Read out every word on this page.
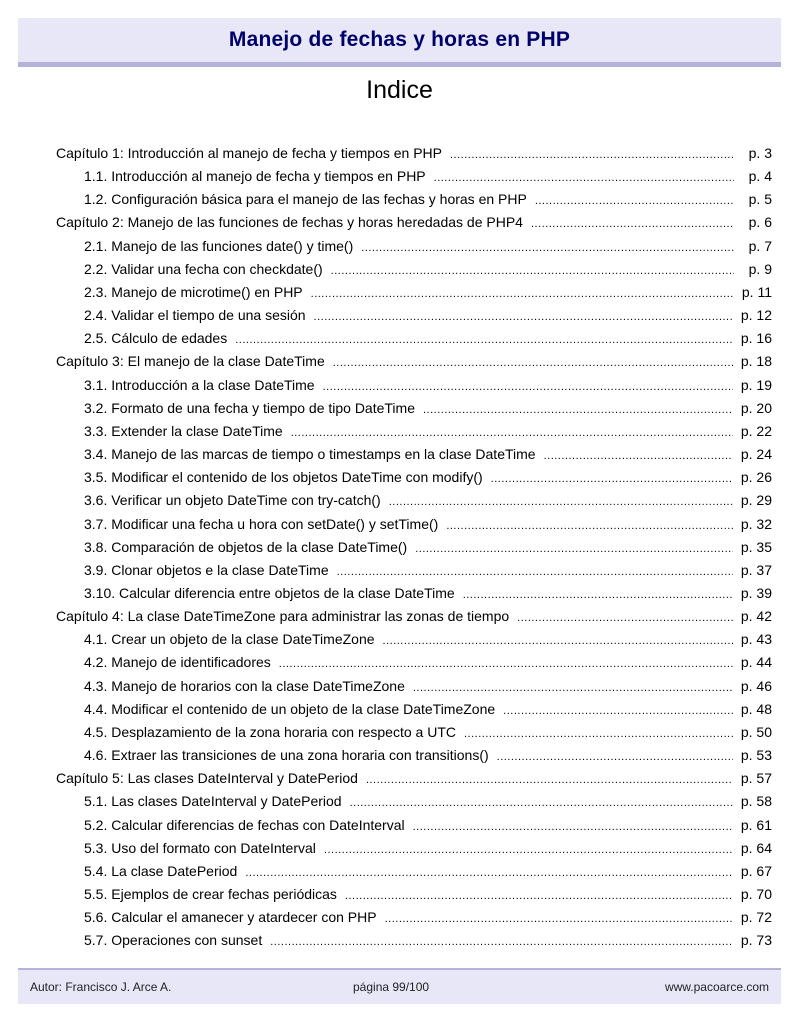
Manejo de fechas y horas en PHP
Indice
Capítulo 1: Introducción al manejo de fecha y tiempos en PHP .....	p. 3
1.1. Introducción al manejo de fecha y tiempos en PHP .....	p. 4
1.2. Configuración básica para el manejo de las fechas y horas en PHP .....	p. 5
Capítulo 2: Manejo de las funciones de fechas y horas heredadas de PHP4 .....	p. 6
2.1. Manejo de las funciones date() y time() .....	p. 7
2.2. Validar una fecha con checkdate() .....	p. 9
2.3. Manejo de microtime() en PHP .....	p. 11
2.4. Validar el tiempo de una sesión .....	p. 12
2.5. Cálculo de edades .....	p. 16
Capítulo 3: El manejo de la clase DateTime .....	p. 18
3.1. Introducción a la clase DateTime .....	p. 19
3.2. Formato de una fecha y tiempo de tipo DateTime .....	p. 20
3.3. Extender la clase DateTime .....	p. 22
3.4. Manejo de las marcas de tiempo o timestamps en la clase DateTime .....	p. 24
3.5. Modificar el contenido de los objetos DateTime con modify() .....	p. 26
3.6. Verificar un objeto DateTime con try-catch() .....	p. 29
3.7. Modificar una fecha u hora con setDate() y setTime() .....	p. 32
3.8. Comparación de objetos de la clase DateTime() .....	p. 35
3.9. Clonar objetos e la clase DateTime .....	p. 37
3.10. Calcular diferencia entre objetos de la clase DateTime .....	p. 39
Capítulo 4: La clase DateTimeZone para administrar las zonas de tiempo .....	p. 42
4.1. Crear un objeto de la clase DateTimeZone .....	p. 43
4.2. Manejo de identificadores .....	p. 44
4.3. Manejo de horarios con la clase DateTimeZone .....	p. 46
4.4. Modificar el contenido de un objeto de la clase DateTimeZone .....	p. 48
4.5. Desplazamiento de la zona horaria con respecto a UTC .....	p. 50
4.6. Extraer las transiciones de una zona horaria con transitions() .....	p. 53
Capítulo 5: Las clases DateInterval y DatePeriod .....	p. 57
5.1. Las clases DateInterval y DatePeriod .....	p. 58
5.2. Calcular diferencias de fechas con DateInterval .....	p. 61
5.3. Uso del formato con DateInterval .....	p. 64
5.4. La clase DatePeriod .....	p. 67
5.5. Ejemplos de crear fechas periódicas .....	p. 70
5.6. Calcular el amanecer y atardecer con PHP .....	p. 72
5.7. Operaciones con sunset .....	p. 73
Autor: Francisco J. Arce A.	página 99/100	www.pacoarce.com
